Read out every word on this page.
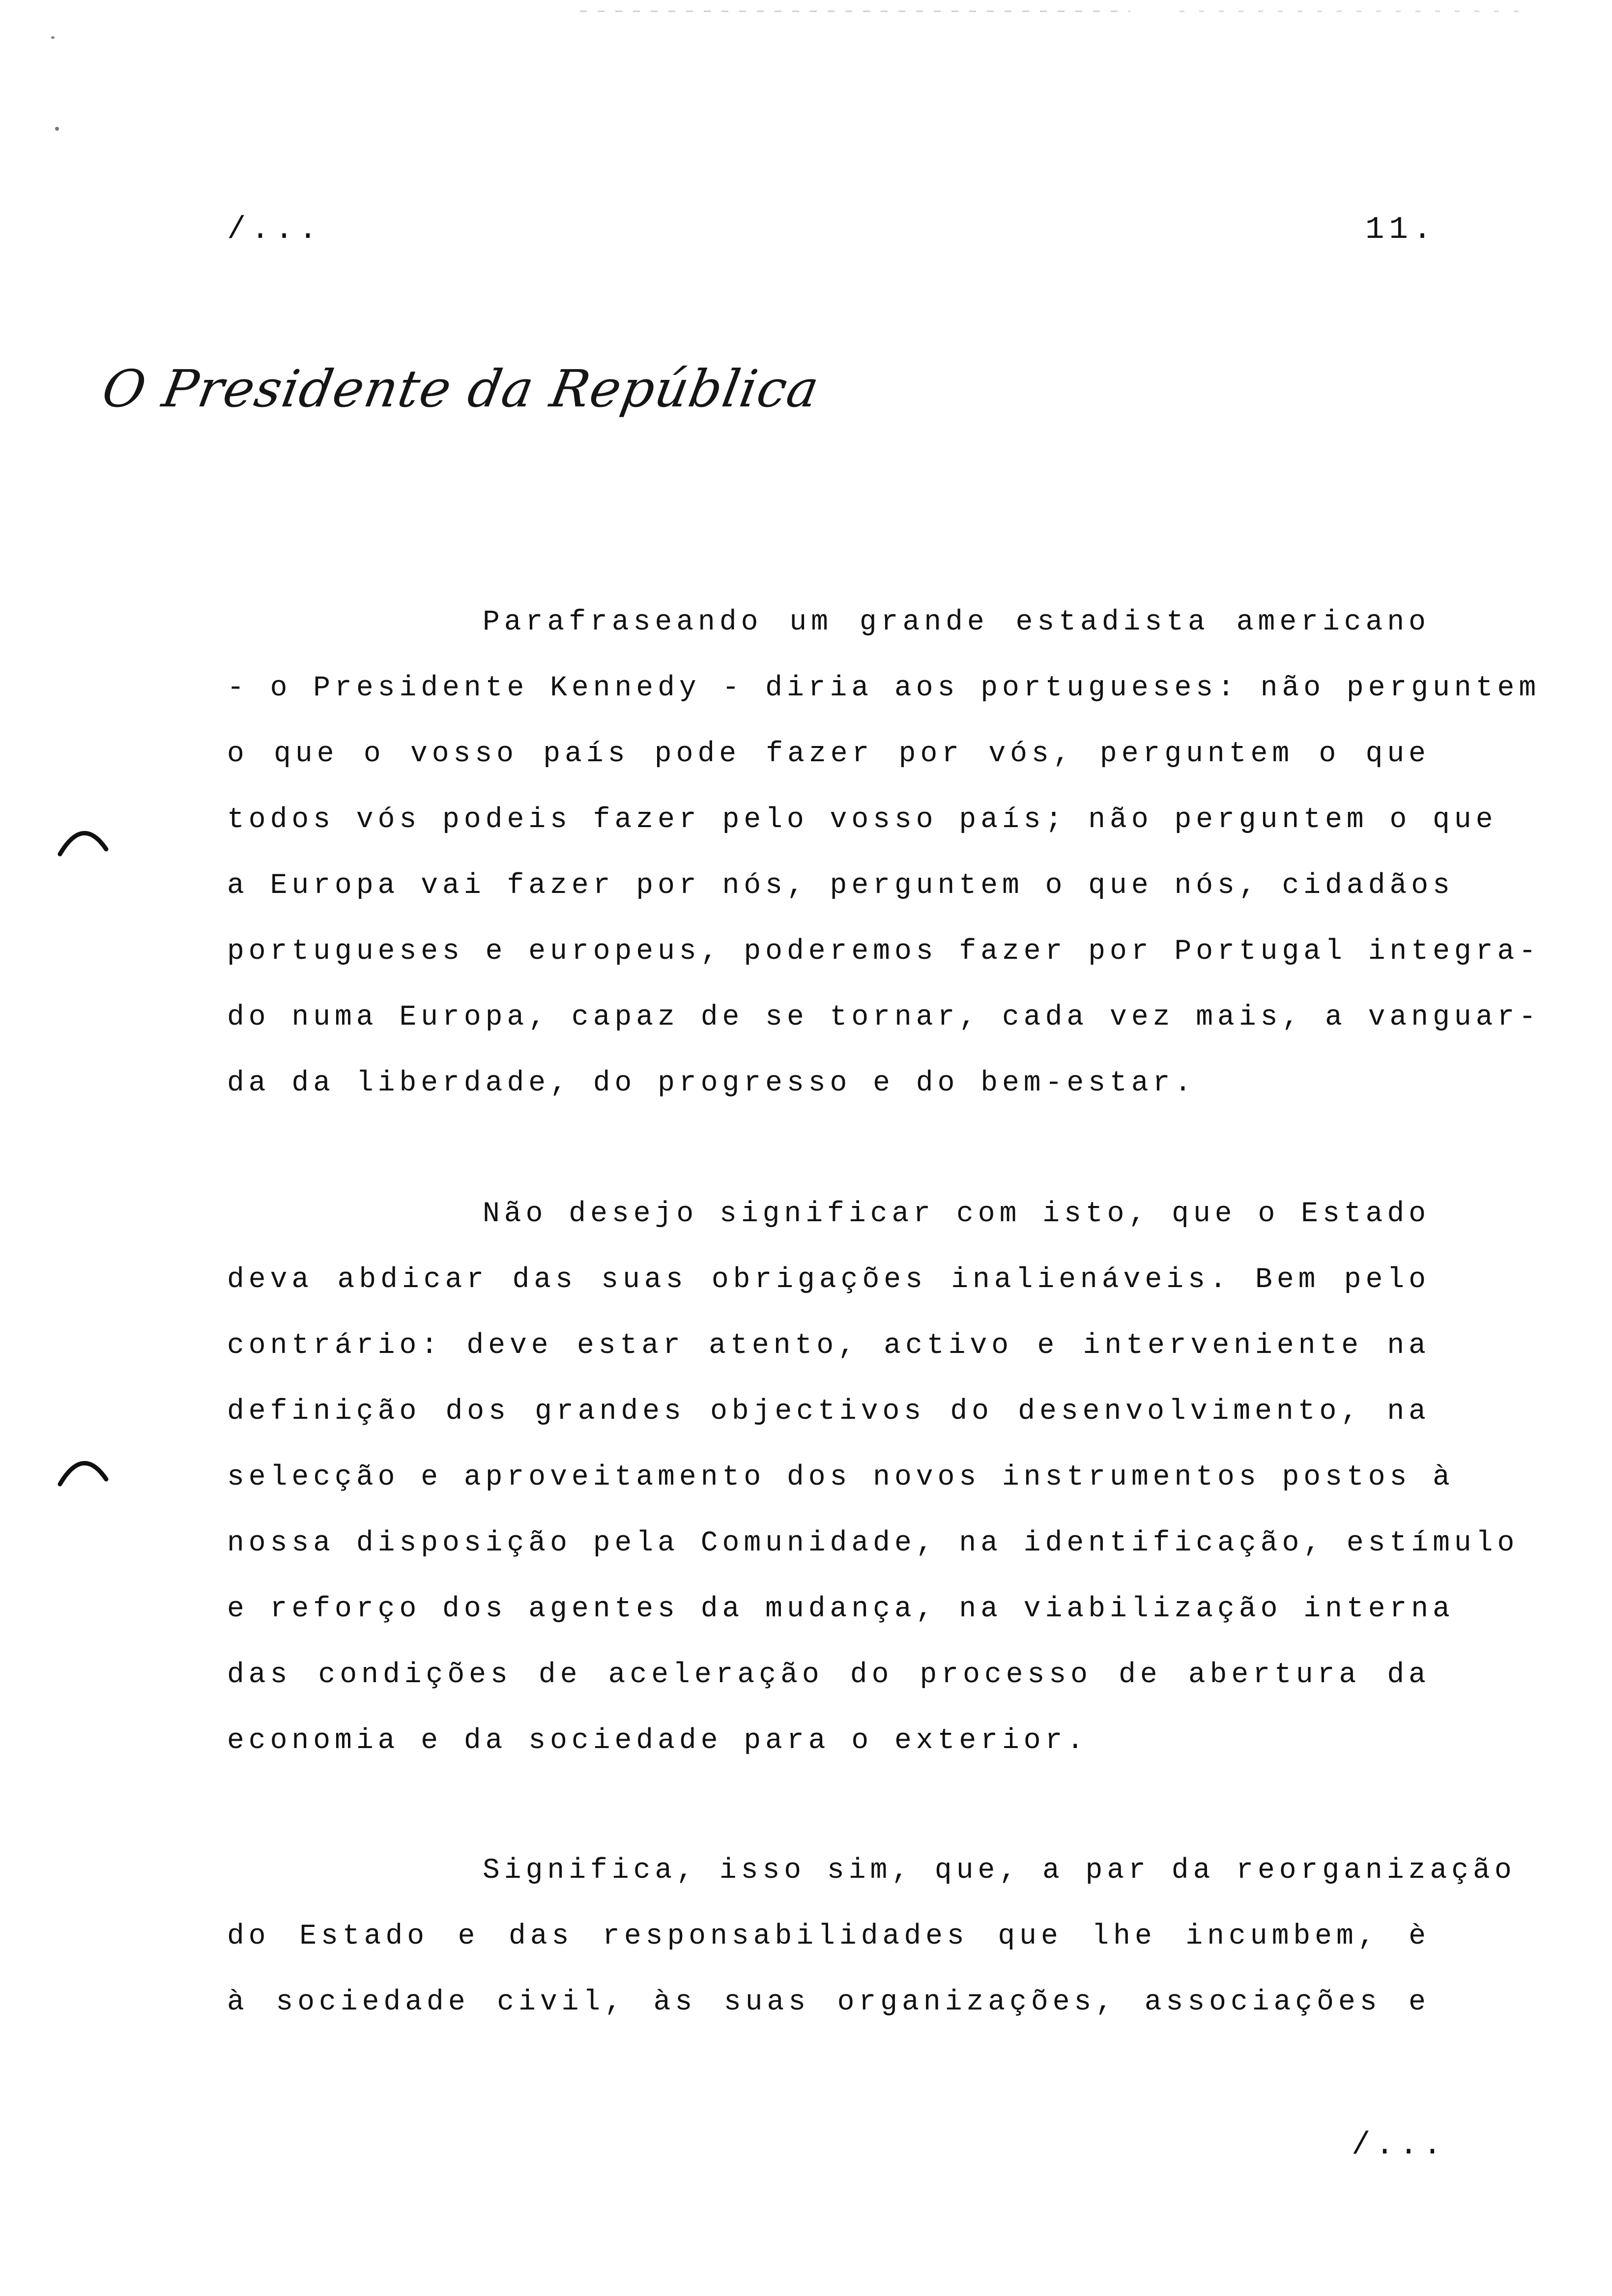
/...	11.
O Presidente da República
Parafraseando um grande estadista americano
- o Presidente Kennedy - diria aos portugueses: não perguntem
o que o vosso país pode fazer por vós, perguntem o que
todos vós podeis fazer pelo vosso país; não perguntem o que
a Europa vai fazer por nós, perguntem o que nós, cidadãos
portugueses e europeus, poderemos fazer por Portugal integra-
do numa Europa, capaz de se tornar, cada vez mais, a vanguar-
da da liberdade, do progresso e do bem-estar.
Não desejo significar com isto, que o Estado
deva abdicar das suas obrigações inalienáveis. Bem pelo
contrário: deve estar atento, activo e interveniente na
definição dos grandes objectivos do desenvolvimento, na
selecção e aproveitamento dos novos instrumentos postos à
nossa disposição pela Comunidade, na identificação, estímulo
e reforço dos agentes da mudança, na viabilização interna
das condições de aceleração do processo de abertura da
economia e da sociedade para o exterior.
Significa, isso sim, que, a par da reorganização
do Estado e das responsabilidades que lhe incumbem, è
à sociedade civil, às suas organizações, associações e
/...
